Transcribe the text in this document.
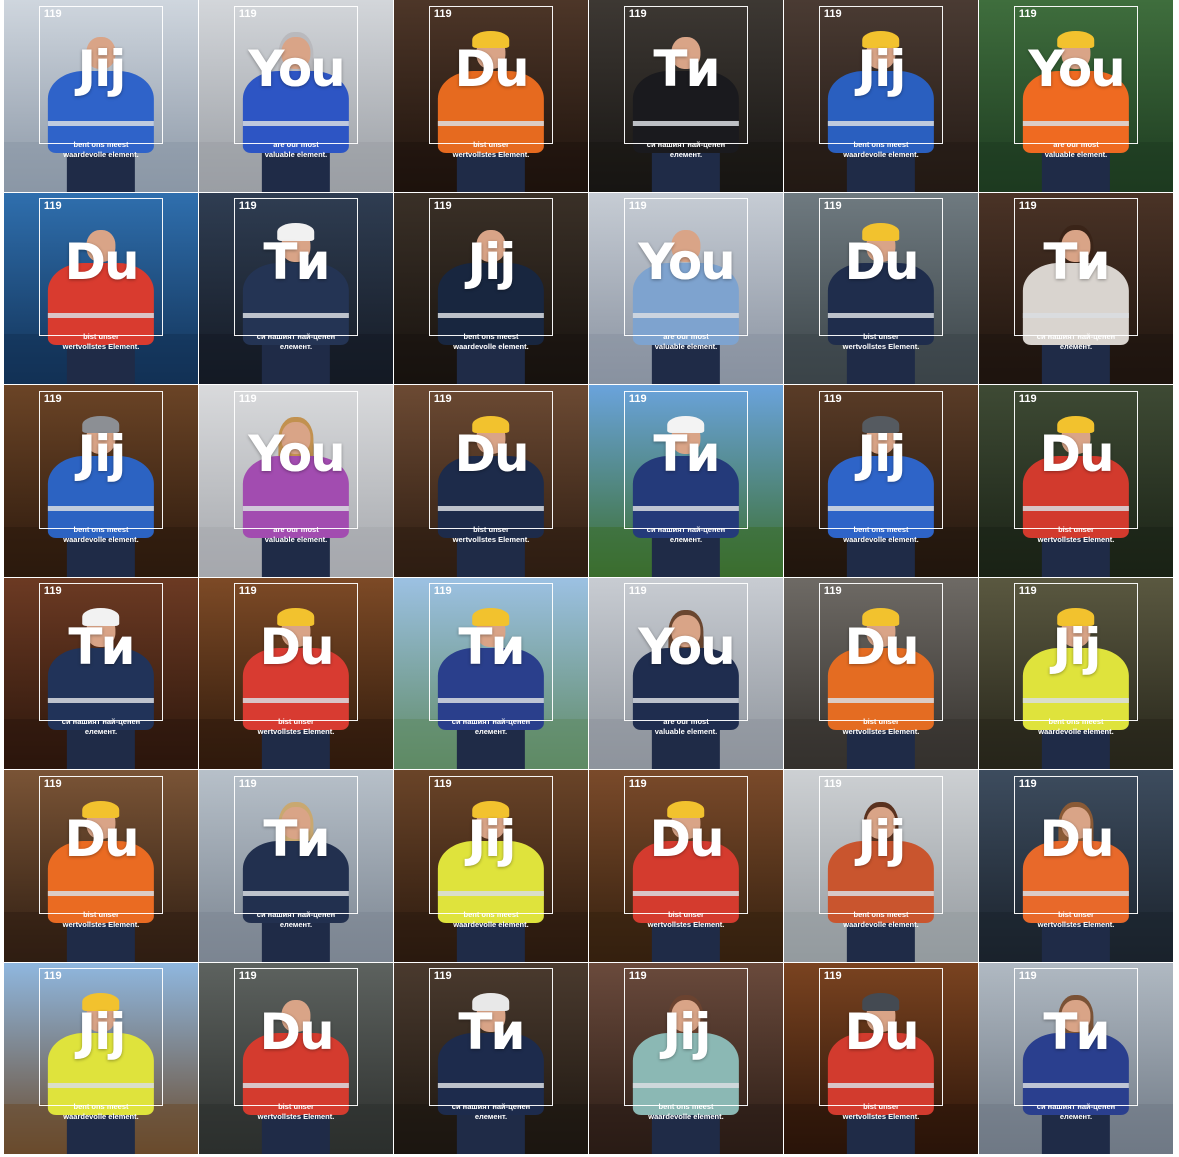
119
Jij
bent ons meest
waardevolle element.
119
You
are our most
valuable element.
119
Du
bist unser
wertvollstes Element.
119
Ти
си нашият най-ценен
елемент.
119
Jij
bent ons meest
waardevolle element.
119
You
are our most
valuable element.
119
Du
bist unser
wertvollstes Element.
119
Ти
си нашият най-ценен
елемент.
119
Jij
bent ons meest
waardevolle element.
119
You
are our most
valuable element.
119
Du
bist unser
wertvollstes Element.
119
Ти
си нашият най-ценен
елемент.
119
Jij
bent ons meest
waardevolle element.
119
You
are our most
valuable element.
119
Du
bist unser
wertvollstes Element.
119
Ти
си нашият най-ценен
елемент.
119
Jij
bent ons meest
waardevolle element.
119
Du
bist unser
wertvollstes Element.
119
Ти
си нашият най-ценен
елемент.
119
Du
bist unser
wertvollstes Element.
119
Ти
си нашият най-ценен
елемент.
119
You
are our most
valuable element.
119
Du
bist unser
wertvollstes Element.
119
Jij
bent ons meest
waardevolle element.
119
Du
bist unser
wertvollstes Element.
119
Ти
си нашият най-ценен
елемент.
119
Jij
bent ons meest
waardevolle element.
119
Du
bist unser
wertvollstes Element.
119
Jij
bent ons meest
waardevolle element.
119
Du
bist unser
wertvollstes Element.
119
Jij
bent ons meest
waardevolle element.
119
Du
bist unser
wertvollstes Element.
119
Ти
си нашият най-ценен
елемент.
119
Jij
bent ons meest
waardevolle element.
119
Du
bist unser
wertvollstes Element.
119
Ти
си нашият най-ценен
елемент.
